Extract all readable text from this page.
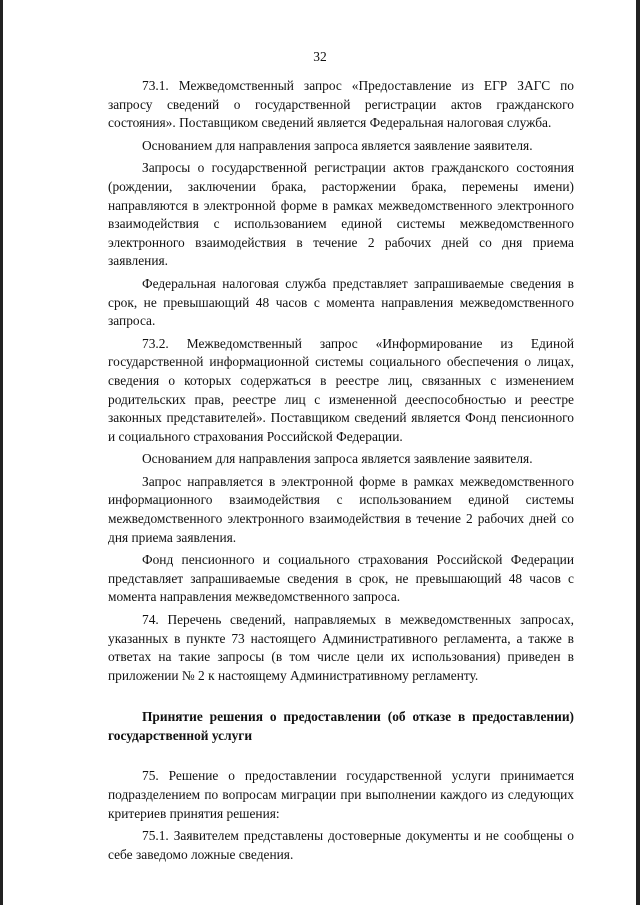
32

73.1. Межведомственный запрос «Предоставление из ЕГР ЗАГС по запросу сведений о государственной регистрации актов гражданского состояния». Поставщиком сведений является Федеральная налоговая служба.

Основанием для направления запроса является заявление заявителя.

Запросы о государственной регистрации актов гражданского состояния (рождении, заключении брака, расторжении брака, перемены имени) направляются в электронной форме в рамках межведомственного электронного взаимодействия с использованием единой системы межведомственного электронного взаимодействия в течение 2 рабочих дней со дня приема заявления.

Федеральная налоговая служба представляет запрашиваемые сведения в срок, не превышающий 48 часов с момента направления межведомственного запроса.

73.2. Межведомственный запрос «Информирование из Единой государственной информационной системы социального обеспечения о лицах, сведения о которых содержаться в реестре лиц, связанных с изменением родительских прав, реестре лиц с измененной дееспособностью и реестре законных представителей». Поставщиком сведений является Фонд пенсионного и социального страхования Российской Федерации.

Основанием для направления запроса является заявление заявителя.

Запрос направляется в электронной форме в рамках межведомственного информационного взаимодействия с использованием единой системы межведомственного электронного взаимодействия в течение 2 рабочих дней со дня приема заявления.

Фонд пенсионного и социального страхования Российской Федерации представляет запрашиваемые сведения в срок, не превышающий 48 часов с момента направления межведомственного запроса.

74. Перечень сведений, направляемых в межведомственных запросах, указанных в пункте 73 настоящего Административного регламента, а также в ответах на такие запросы (в том числе цели их использования) приведен в приложении № 2 к настоящему Административному регламенту.

Принятие решения о предоставлении (об отказе в предоставлении) государственной услуги

75. Решение о предоставлении государственной услуги принимается подразделением по вопросам миграции при выполнении каждого из следующих критериев принятия решения:

75.1. Заявителем представлены достоверные документы и не сообщены о себе заведомо ложные сведения.
